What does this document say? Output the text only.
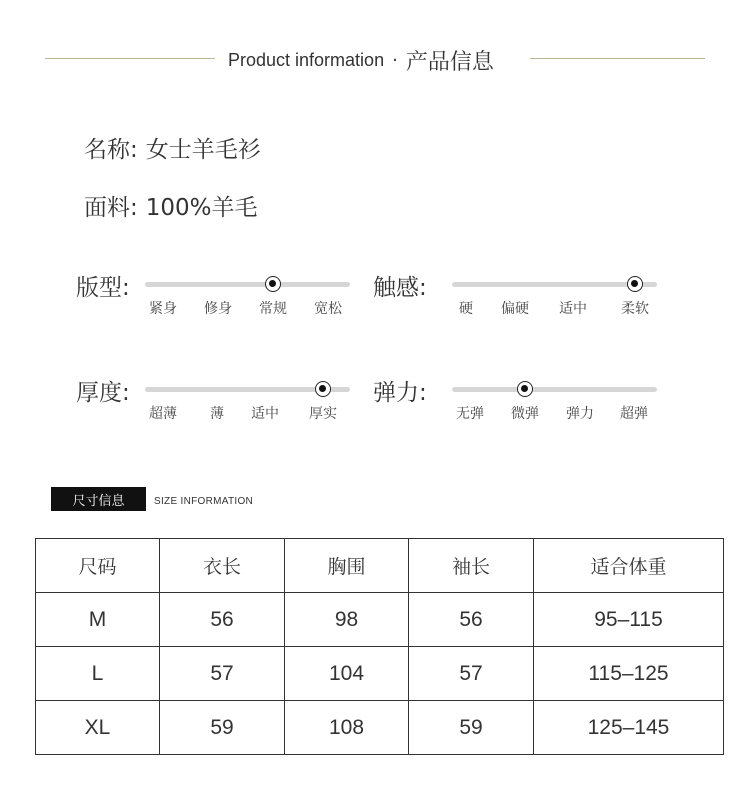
Product information · 产品信息
名称: 女士羊毛衫
面料: 100%羊毛
版型:
紧身 修身 常规 宽松
触感:
硬 偏硬 适中 柔软
厚度:
超薄 薄 适中 厚实
弹力:
无弹 微弹 弹力 超弹
尺寸信息	SIZE INFORMATION
尺码	衣长	胸围	袖长	适合体重
M	56	98	56	95–115
L	57	104	57	115–125
XL	59	108	59	125–145
